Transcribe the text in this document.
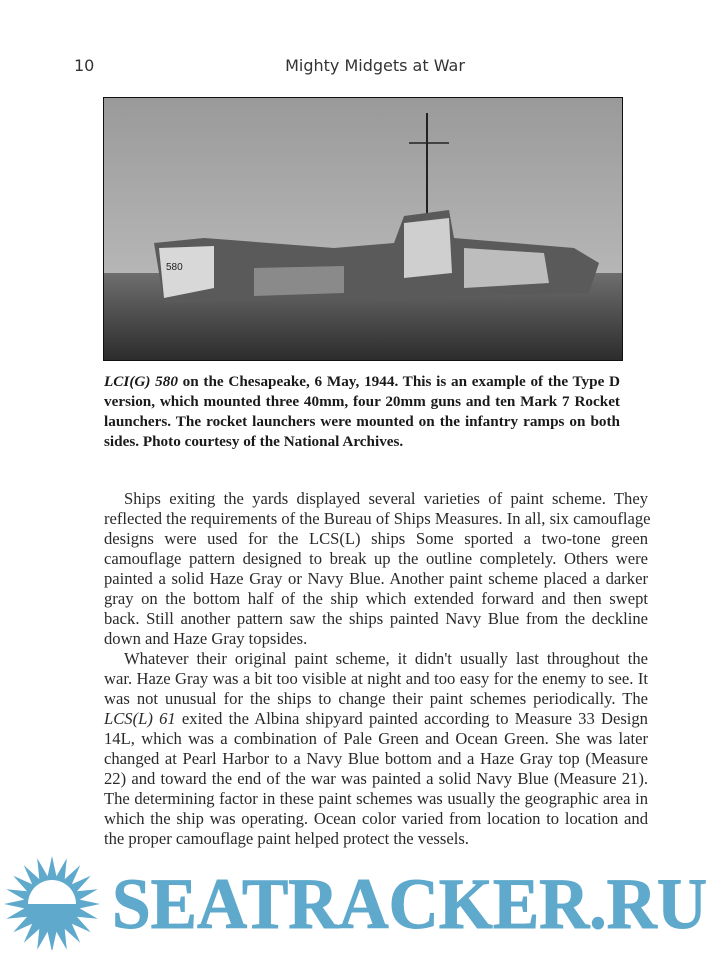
10	Mighty Midgets at War
580
LCI(G) 580 on the Chesapeake, 6 May, 1944. This is an example of the Type D
version, which mounted three 40mm, four 20mm guns and ten Mark 7 Rocket
launchers. The rocket launchers were mounted on the infantry ramps on both
sides. Photo courtesy of the National Archives.
Ships exiting the yards displayed several varieties of paint scheme. They
reflected the requirements of the Bureau of Ships Measures. In all, six camouflage
designs were used for the LCS(L) ships Some sported a two-tone green
camouflage pattern designed to break up the outline completely. Others were
painted a solid Haze Gray or Navy Blue. Another paint scheme placed a darker
gray on the bottom half of the ship which extended forward and then swept
back. Still another pattern saw the ships painted Navy Blue from the deckline
down and Haze Gray topsides.
Whatever their original paint scheme, it didn't usually last throughout the
war. Haze Gray was a bit too visible at night and too easy for the enemy to see. It
was not unusual for the ships to change their paint schemes periodically. The
LCS(L) 61 exited the Albina shipyard painted according to Measure 33 Design
14L, which was a combination of Pale Green and Ocean Green. She was later
changed at Pearl Harbor to a Navy Blue bottom and a Haze Gray top (Measure
22) and toward the end of the war was painted a solid Navy Blue (Measure 21).
The determining factor in these paint schemes was usually the geographic area in
which the ship was operating. Ocean color varied from location to location and
the proper camouflage paint helped protect the vessels.
SEATRACKER.RU
